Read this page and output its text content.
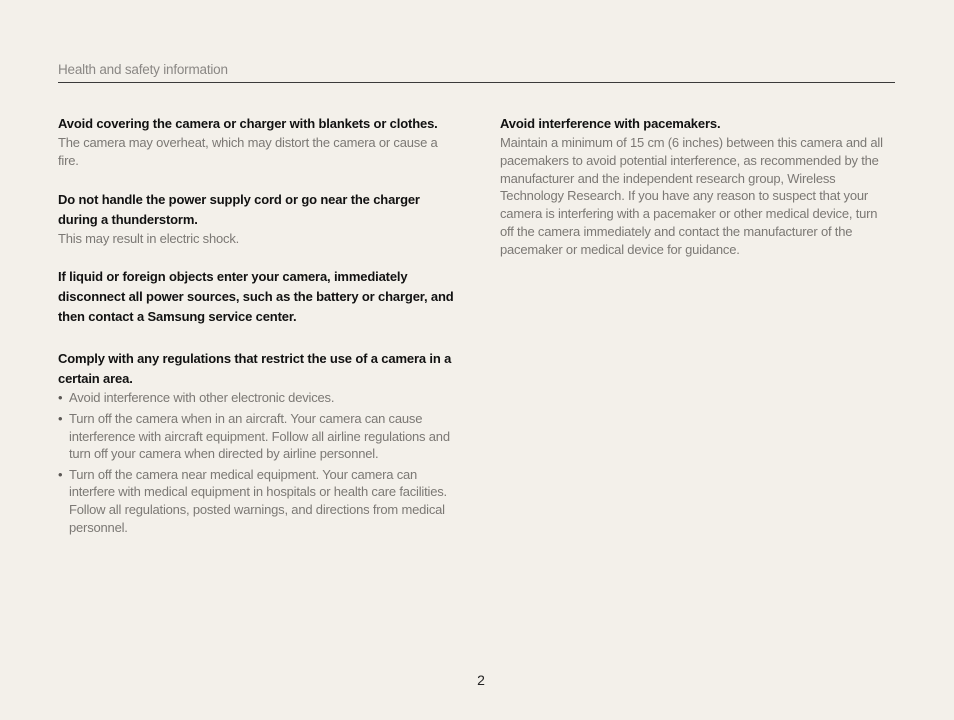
Health and safety information
Avoid covering the camera or charger with blankets or clothes.
The camera may overheat, which may distort the camera or cause a fire.
Do not handle the power supply cord or go near the charger during a thunderstorm.
This may result in electric shock.
If liquid or foreign objects enter your camera, immediately disconnect all power sources, such as the battery or charger, and then contact a Samsung service center.
Comply with any regulations that restrict the use of a camera in a certain area.
• Avoid interference with other electronic devices.
• Turn off the camera when in an aircraft. Your camera can cause interference with aircraft equipment. Follow all airline regulations and turn off your camera when directed by airline personnel.
• Turn off the camera near medical equipment. Your camera can interfere with medical equipment in hospitals or health care facilities. Follow all regulations, posted warnings, and directions from medical personnel.
Avoid interference with pacemakers.
Maintain a minimum of 15 cm (6 inches) between this camera and all pacemakers to avoid potential interference, as recommended by the manufacturer and the independent research group, Wireless Technology Research. If you have any reason to suspect that your camera is interfering with a pacemaker or other medical device, turn off the camera immediately and contact the manufacturer of the pacemaker or medical device for guidance.
2
